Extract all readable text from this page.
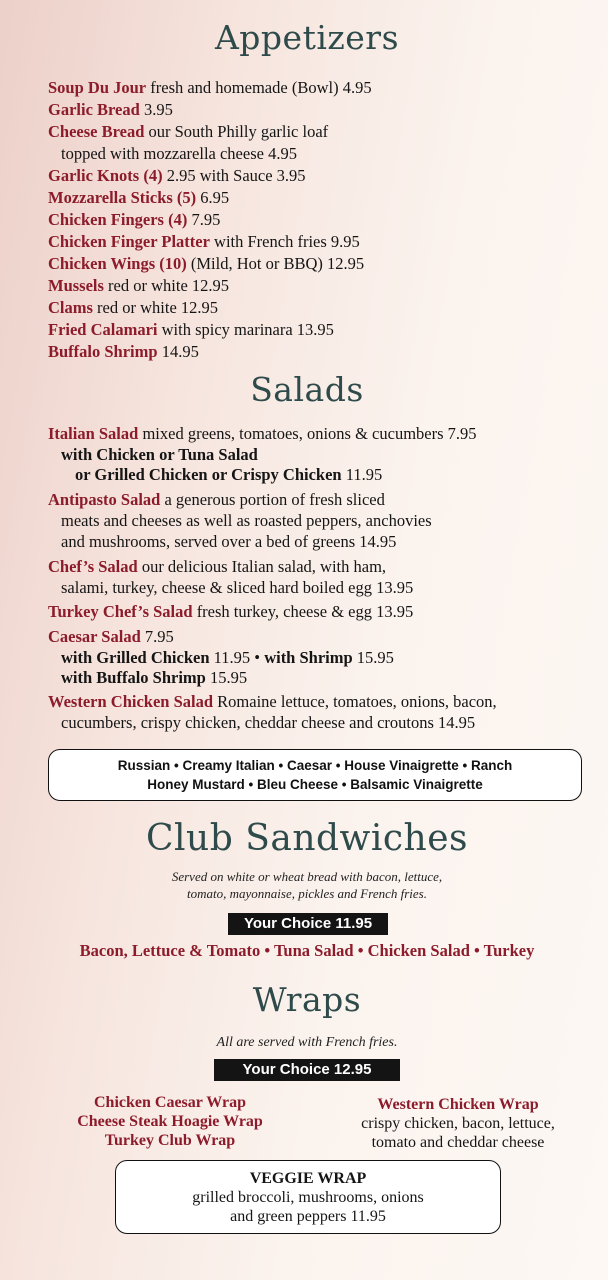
Appetizers
Soup Du Jour fresh and homemade (Bowl) 4.95
Garlic Bread 3.95
Cheese Bread our South Philly garlic loaf
topped with mozzarella cheese 4.95
Garlic Knots (4) 2.95 with Sauce 3.95
Mozzarella Sticks (5) 6.95
Chicken Fingers (4) 7.95
Chicken Finger Platter with French fries 9.95
Chicken Wings (10) (Mild, Hot or BBQ) 12.95
Mussels red or white 12.95
Clams red or white 12.95
Fried Calamari with spicy marinara 13.95
Buffalo Shrimp 14.95
Salads
Italian Salad mixed greens, tomatoes, onions & cucumbers 7.95
with Chicken or Tuna Salad
or Grilled Chicken or Crispy Chicken 11.95
Antipasto Salad a generous portion of fresh sliced
meats and cheeses as well as roasted peppers, anchovies
and mushrooms, served over a bed of greens 14.95
Chef’s Salad our delicious Italian salad, with ham,
salami, turkey, cheese & sliced hard boiled egg 13.95
Turkey Chef’s Salad fresh turkey, cheese & egg 13.95
Caesar Salad 7.95
with Grilled Chicken 11.95 • with Shrimp 15.95
with Buffalo Shrimp 15.95
Western Chicken Salad Romaine lettuce, tomatoes, onions, bacon,
cucumbers, crispy chicken, cheddar cheese and croutons 14.95
Russian • Creamy Italian • Caesar • House Vinaigrette • Ranch
Honey Mustard • Bleu Cheese • Balsamic Vinaigrette
Club Sandwiches
Served on white or wheat bread with bacon, lettuce,
tomato, mayonnaise, pickles and French fries.
Your Choice 11.95
Bacon, Lettuce & Tomato • Tuna Salad • Chicken Salad • Turkey
Wraps
All are served with French fries.
Your Choice 12.95
Chicken Caesar Wrap
Cheese Steak Hoagie Wrap
Turkey Club Wrap
Western Chicken Wrap
crispy chicken, bacon, lettuce,
tomato and cheddar cheese
VEGGIE WRAP
grilled broccoli, mushrooms, onions
and green peppers 11.95
